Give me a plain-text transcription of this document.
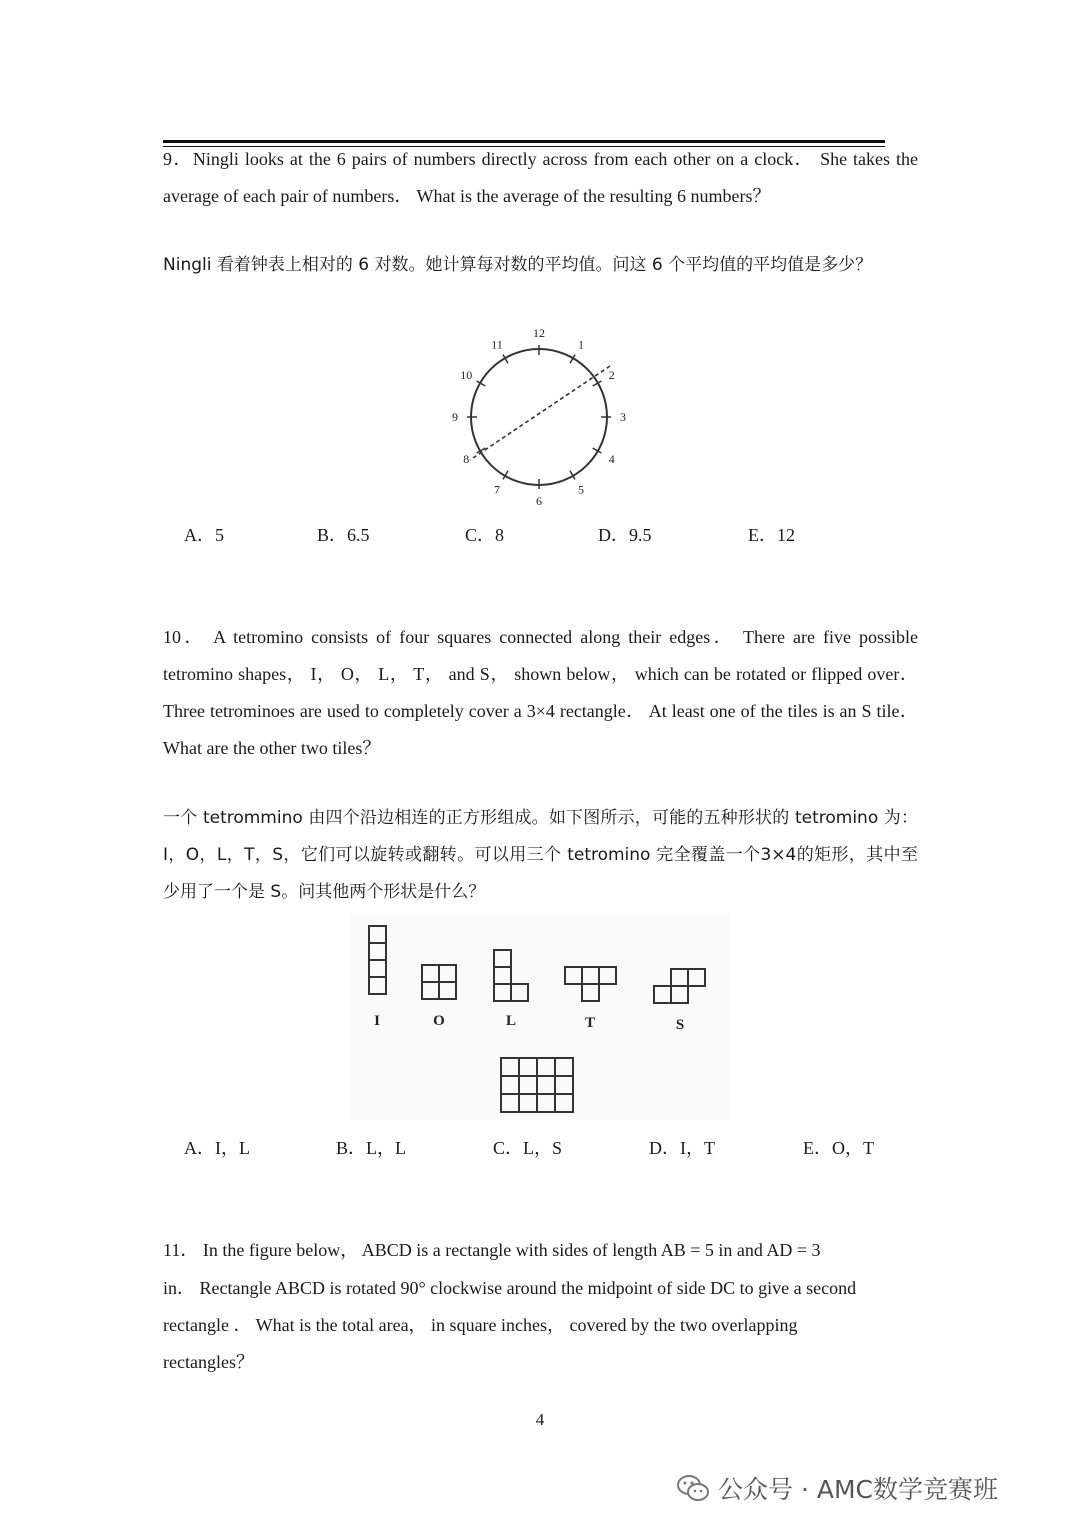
9．Ningli looks at the 6 pairs of numbers directly across from each other on a clock． She takes the average of each pair of numbers． What is the average of the resulting 6 numbers？

Ningli 看着钟表上相对的 6 对数。她计算每对数的平均值。问这 6 个平均值的平均值是多少？

12
1
2
3
4
5
6
7
8
9
10
11
A．5	B．6.5	C．8	D．9.5	E．12

10． A tetromino consists of four squares connected along their edges． There are five possible tetromino shapes， I， O， L， T， and S， shown below， which can be rotated or flipped over． Three tetrominoes are used to completely cover a 3×4 rectangle． At least one of the tiles is an S tile． What are the other two tiles？

一个 tetrommino 由四个沿边相连的正方形组成。如下图所示，可能的五种形状的 tetromino 为：I，O，L，T，S，它们可以旋转或翻转。可以用三个 tetromino 完全覆盖一个3×4的矩形，其中至少用了一个是 S。问其他两个形状是什么？

I	O	L	T	S
A．I，L	B．L，L	C．L，S	D．I，T	E．O，T

11． In the figure below， ABCD is a rectangle with sides of length AB = 5 in and AD = 3

in． Rectangle ABCD is rotated 90° clockwise around the midpoint of side DC to give a second

rectangle ． What is the total area， in square inches， covered by the two overlapping

rectangles？

4
公众号 · AMC数学竞赛班
